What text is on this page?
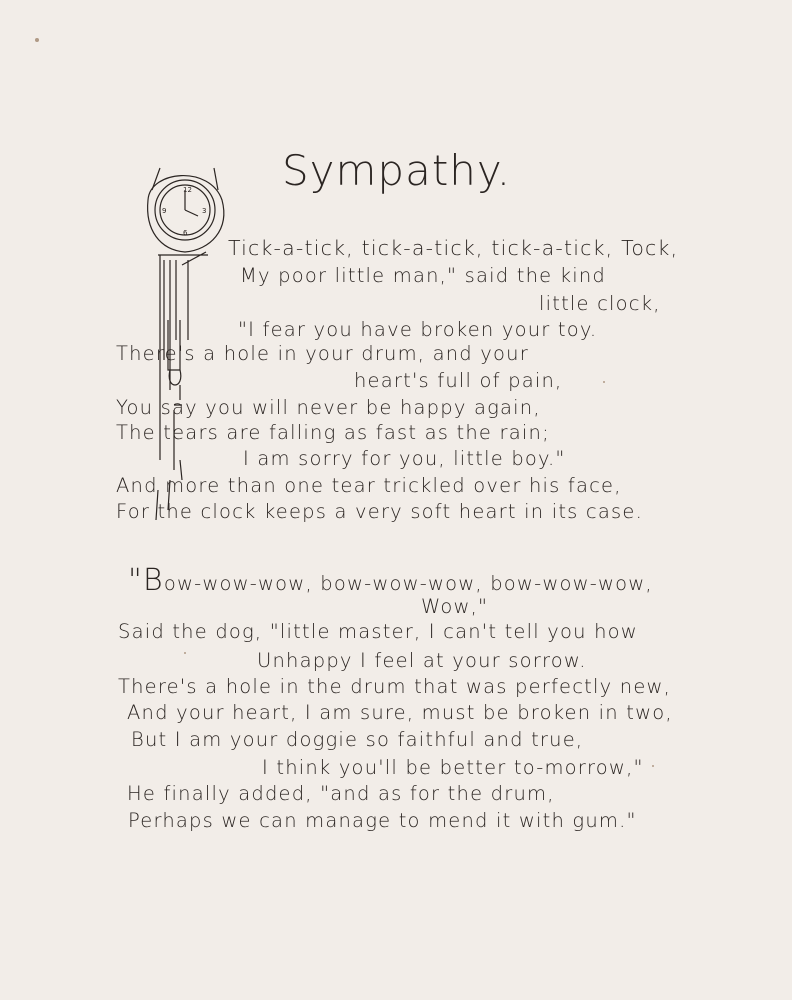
12
3
6
9
Sympathy.
Tick-a-tick, tick-a-tick, tick-a-tick, Tock,
My poor little man," said the kind
little clock,
"I fear you have broken your toy.
There's a hole in your drum, and your
heart's full of pain,
You say you will never be happy again,
The tears are falling as fast as the rain;
I am sorry for you, little boy."
And more than one tear trickled over his face,
For the clock keeps a very soft heart in its case.
"Bow-wow-wow, bow-wow-wow, bow-wow-wow,
Wow,"
Said the dog, "little master, I can't tell you how
Unhappy I feel at your sorrow.
There's a hole in the drum that was perfectly new,
And your heart, I am sure, must be broken in two,
But I am your doggie so faithful and true,
I think you'll be better to-morrow,"
He finally added, "and as for the drum,
Perhaps we can manage to mend it with gum."
